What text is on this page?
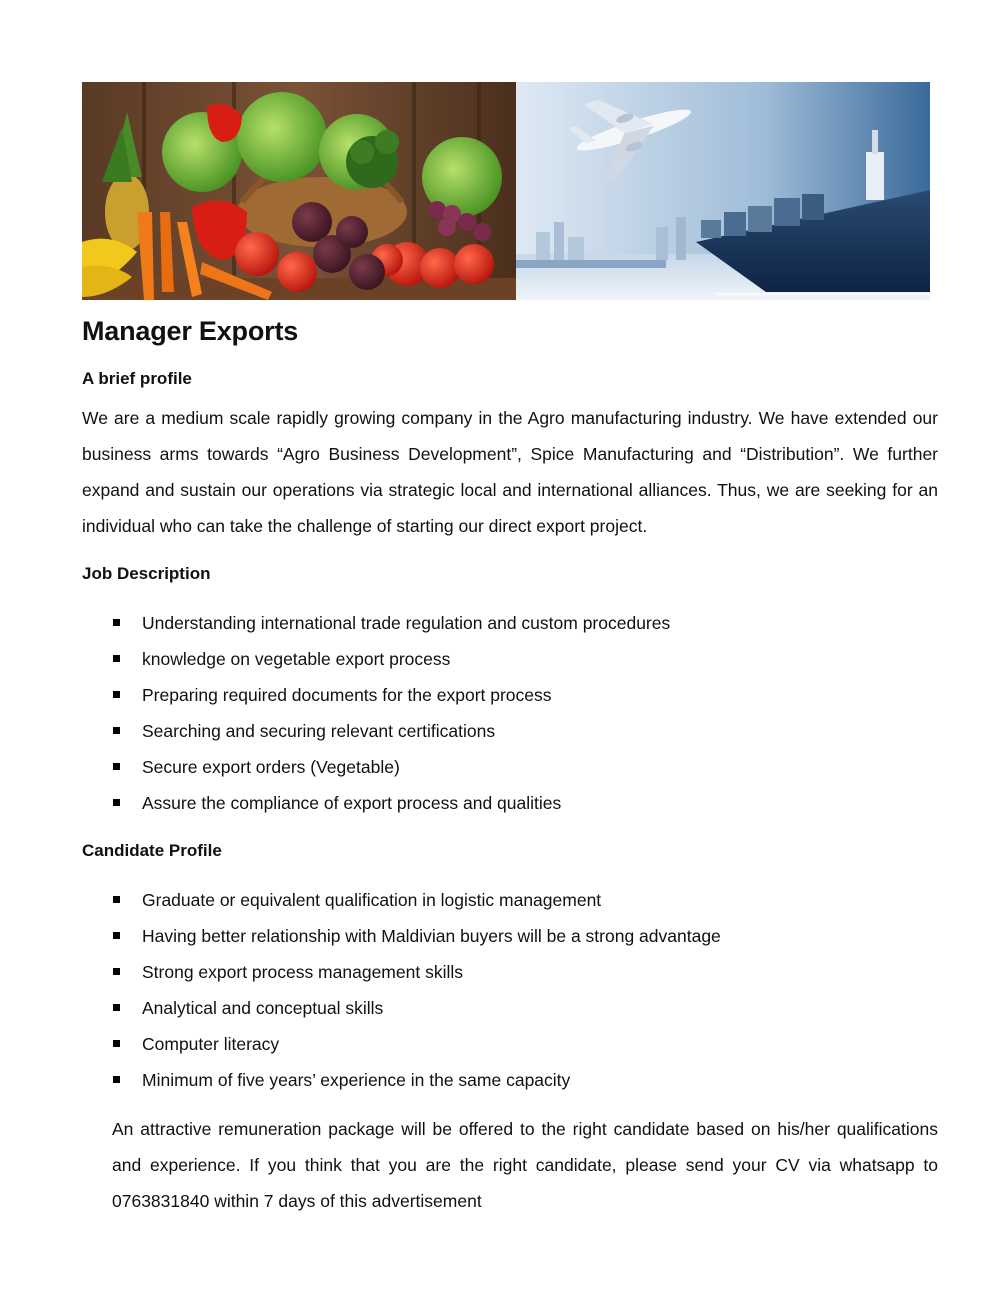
Manager Exports
A brief profile

We are a medium scale rapidly growing company in the Agro manufacturing industry. We have extended our business arms towards “Agro Business Development”, Spice Manufacturing and “Distribution”. We further expand and sustain our operations via strategic local and international alliances. Thus, we are seeking for an individual who can take the challenge of starting our direct export project.

Job Description
Understanding international trade regulation and custom procedures
knowledge on vegetable export process
Preparing required documents for the export process
Searching and securing relevant certifications
Secure export orders (Vegetable)
Assure the compliance of export process and qualities
Candidate Profile
Graduate or equivalent qualification in logistic management
Having better relationship with Maldivian buyers will be a strong advantage
Strong export process management skills
Analytical and conceptual skills
Computer literacy
Minimum of five years’ experience in the same capacity

An attractive remuneration package will be offered to the right candidate based on his/her qualifications and experience. If you think that you are the right candidate, please send your CV via whatsapp to 0763831840 within 7 days of this advertisement
